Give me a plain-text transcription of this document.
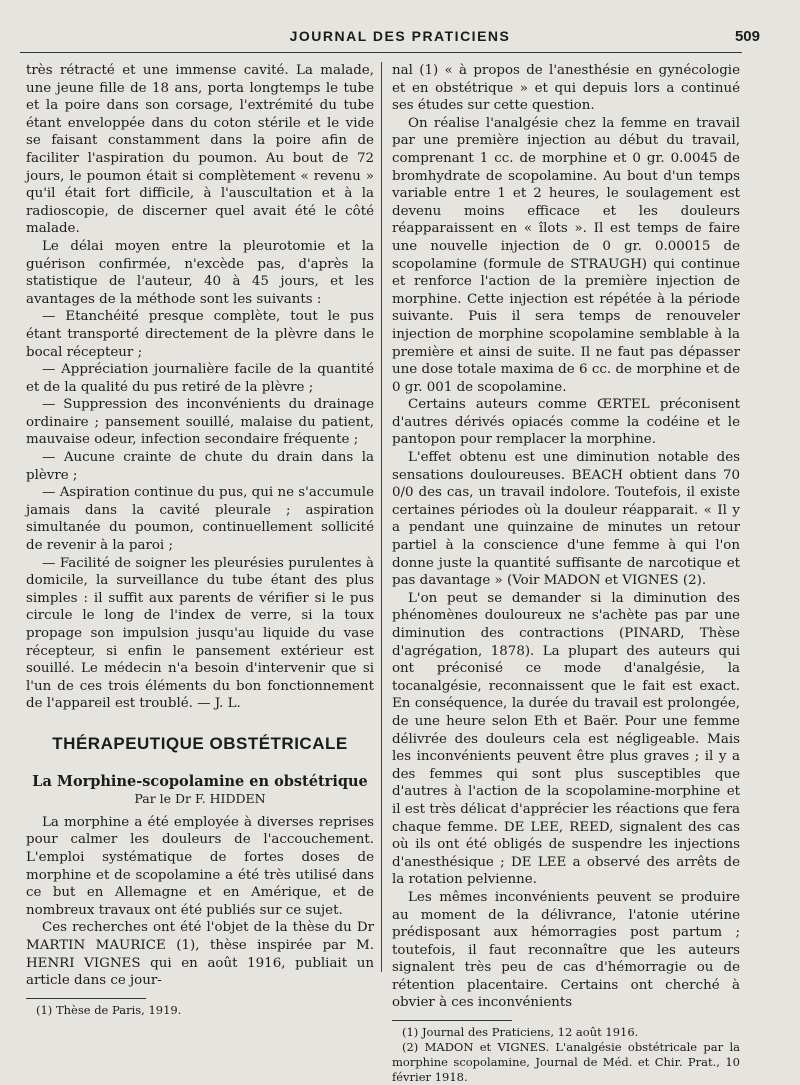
JOURNAL DES PRATICIENS	509

très rétracté et une immense cavité. La malade, une jeune fille de 18 ans, porta longtemps le tube et la poire dans son corsage, l'extrémité du tube étant enveloppée dans du coton stérile et le vide se faisant constamment dans la poire afin de faciliter l'aspiration du poumon. Au bout de 72 jours, le poumon était si complètement « revenu » qu'il était fort difficile, à l'auscultation et à la radioscopie, de discerner quel avait été le côté malade.

Le délai moyen entre la pleurotomie et la guérison confirmée, n'excède pas, d'après la statistique de l'auteur, 40 à 45 jours, et les avantages de la méthode sont les suivants :

— Etanchéité presque complète, tout le pus étant transporté directement de la plèvre dans le bocal récepteur ;

— Appréciation journalière facile de la quantité et de la qualité du pus retiré de la plèvre ;

— Suppression des inconvénients du drainage ordinaire ; pansement souillé, malaise du patient, mauvaise odeur, infection secondaire fréquente ;

— Aucune crainte de chute du drain dans la plèvre ;

— Aspiration continue du pus, qui ne s'accumule jamais dans la cavité pleurale ; aspiration simultanée du poumon, continuellement sollicité de revenir à la paroi ;

— Facilité de soigner les pleurésies purulentes à domicile, la surveillance du tube étant des plus simples : il suffit aux parents de vérifier si le pus circule le long de l'index de verre, si la toux propage son impulsion jusqu'au liquide du vase récepteur, si enfin le pansement extérieur est souillé. Le médecin n'a besoin d'intervenir que si l'un de ces trois éléments du bon fonctionnement de l'appareil est troublé. — J. L.

THÉRAPEUTIQUE OBSTÉTRICALE

La Morphine-scopolamine en obstétrique

Par le Dr F. HIDDEN

La morphine a été employée à diverses reprises pour calmer les douleurs de l'accouchement. L'emploi systématique de fortes doses de morphine et de scopolamine a été très utilisé dans ce but en Allemagne et en Amérique, et de nombreux travaux ont été publiés sur ce sujet.

Ces recherches ont été l'objet de la thèse du Dr MARTIN MAURICE (1), thèse inspirée par M. HENRI VIGNES qui en août 1916, publiait un article dans ce jour-

(1) Thèse de Paris, 1919.

nal (1) « à propos de l'anesthésie en gynécologie et en obstétrique » et qui depuis lors a continué ses études sur cette question.

On réalise l'analgésie chez la femme en travail par une première injection au début du travail, comprenant 1 cc. de morphine et 0 gr. 0.0045 de bromhydrate de scopolamine. Au bout d'un temps variable entre 1 et 2 heures, le soulagement est devenu moins efficace et les douleurs réapparaissent en « îlots ». Il est temps de faire une nouvelle injection de 0 gr. 0.00015 de scopolamine (formule de STRAUGH) qui continue et renforce l'action de la première injection de morphine. Cette injection est répétée à la période suivante. Puis il sera temps de renouveler injection de morphine scopolamine semblable à la première et ainsi de suite. Il ne faut pas dépasser une dose totale maxima de 6 cc. de morphine et de 0 gr. 001 de scopolamine.

Certains auteurs comme ŒRTEL préconisent d'autres dérivés opiacés comme la codéine et le pantopon pour remplacer la morphine.

L'effet obtenu est une diminution notable des sensations douloureuses. BEACH obtient dans 70 0/0 des cas, un travail indolore. Toutefois, il existe certaines périodes où la douleur réapparait. « Il y a pendant une quinzaine de minutes un retour partiel à la conscience d'une femme à qui l'on donne juste la quantité suffisante de narcotique et pas davantage » (Voir MADON et VIGNES (2).

L'on peut se demander si la diminution des phénomènes douloureux ne s'achète pas par une diminution des contractions (PINARD, Thèse d'agrégation, 1878). La plupart des auteurs qui ont préconisé ce mode d'analgésie, la tocanalgésie, reconnaissent que le fait est exact. En conséquence, la durée du travail est prolongée, de une heure selon Eth et Baër. Pour une femme délivrée des douleurs cela est négligeable. Mais les inconvénients peuvent être plus graves ; il y a des femmes qui sont plus susceptibles que d'autres à l'action de la scopolamine-morphine et il est très délicat d'apprécier les réactions que fera chaque femme. DE LEE, REED, signalent des cas où ils ont été obligés de suspendre les injections d'anesthésique ; DE LEE a observé des arrêts de la rotation pelvienne.

Les mêmes inconvénients peuvent se produire au moment de la délivrance, l'atonie utérine prédisposant aux hémorragies post partum ; toutefois, il faut reconnaître que les auteurs signalent très peu de cas d'hémorragie ou de rétention placentaire. Certains ont cherché à obvier à ces inconvénients

(1) Journal des Praticiens, 12 août 1916.

(2) MADON et VIGNES. L'analgésie obstétricale par la morphine scopolamine, Journal de Méd. et Chir. Prat., 10 février 1918.
